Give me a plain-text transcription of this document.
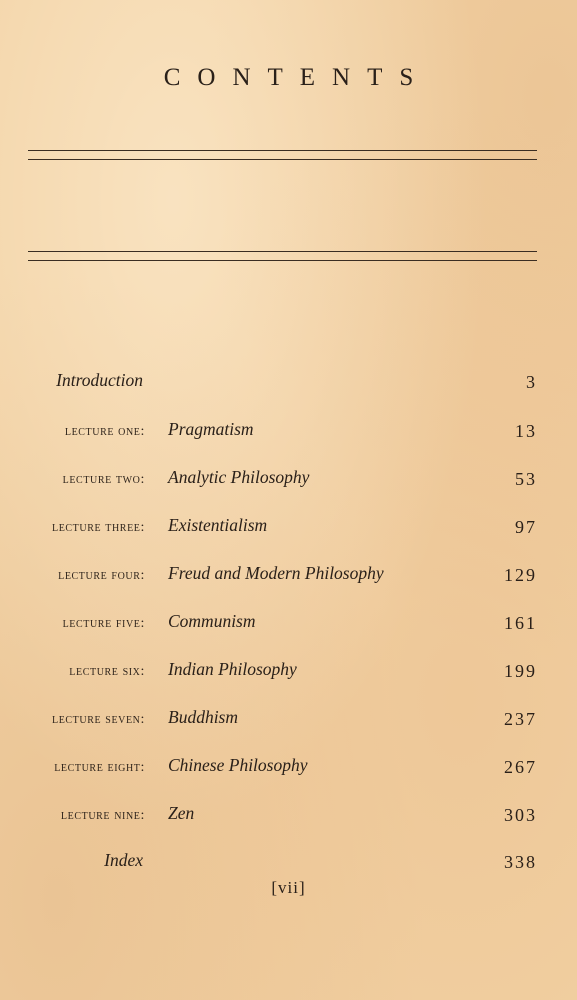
CONTENTS
Introduction	3
lecture one: Pragmatism	13
lecture two: Analytic Philosophy	53
lecture three: Existentialism	97
lecture four: Freud and Modern Philosophy	129
lecture five: Communism	161
lecture six: Indian Philosophy	199
lecture seven: Buddhism	237
lecture eight: Chinese Philosophy	267
lecture nine: Zen	303
Index	338
[vii]
